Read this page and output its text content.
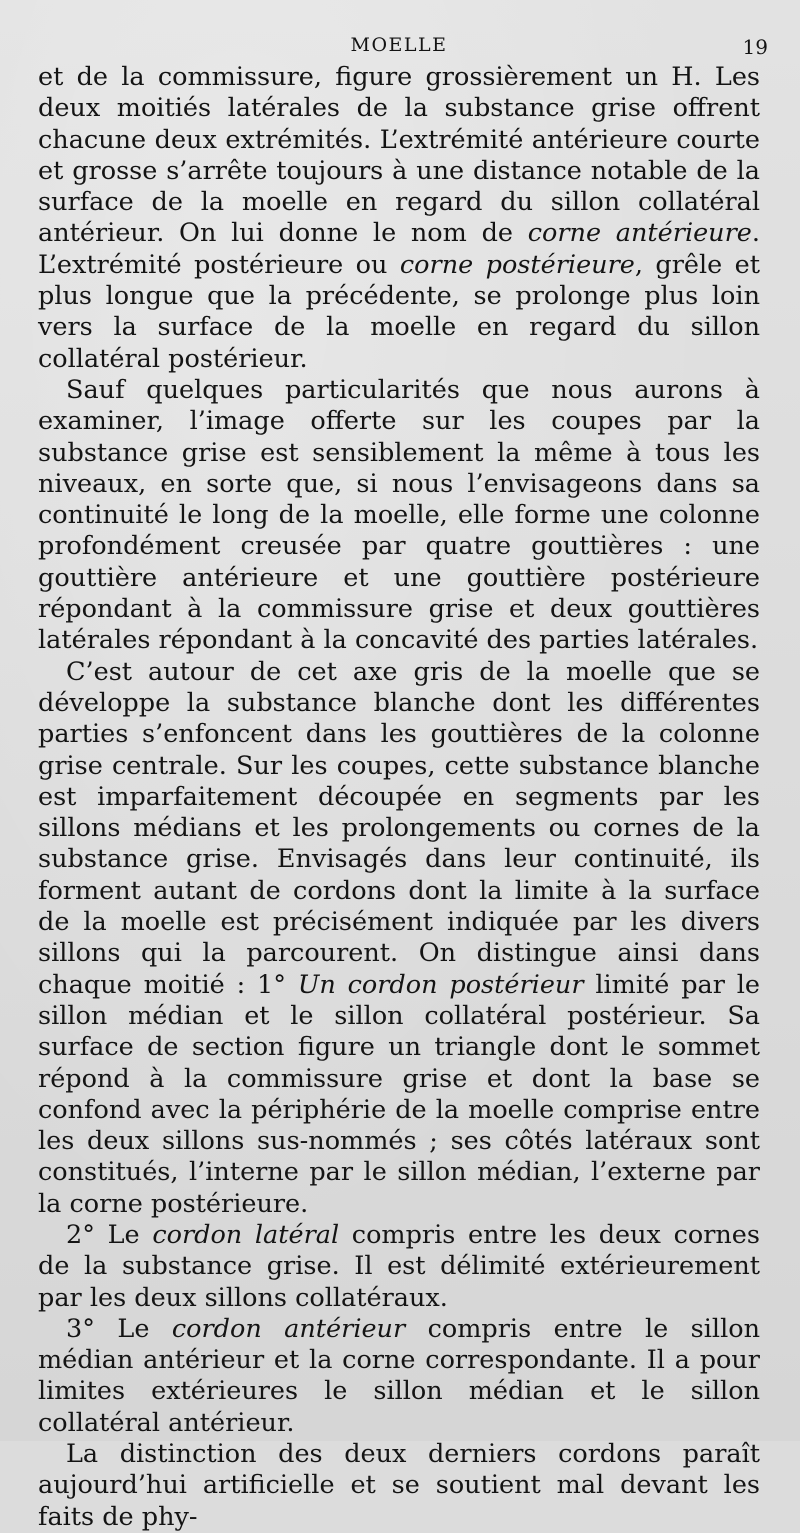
MOELLE	19

et de la commissure, figure grossièrement un H. Les deux moitiés latérales de la substance grise offrent chacune deux extrémités. L’extrémité antérieure courte et grosse s’arrête toujours à une distance notable de la surface de la moelle en regard du sillon collatéral antérieur. On lui donne le nom de corne antérieure. L’extrémité postérieure ou corne postérieure, grêle et plus longue que la précédente, se prolonge plus loin vers la surface de la moelle en regard du sillon collatéral postérieur.

Sauf quelques particularités que nous aurons à examiner, l’image offerte sur les coupes par la substance grise est sensiblement la même à tous les niveaux, en sorte que, si nous l’envisageons dans sa continuité le long de la moelle, elle forme une colonne profondément creusée par quatre gouttières : une gouttière antérieure et une gouttière postérieure répondant à la commissure grise et deux gouttières latérales répondant à la concavité des parties latérales.

C’est autour de cet axe gris de la moelle que se développe la substance blanche dont les différentes parties s’enfoncent dans les gouttières de la colonne grise centrale. Sur les coupes, cette substance blanche est imparfaitement découpée en segments par les sillons médians et les prolongements ou cornes de la substance grise. Envisagés dans leur continuité, ils forment autant de cordons dont la limite à la surface de la moelle est précisément indiquée par les divers sillons qui la parcourent. On distingue ainsi dans chaque moitié : 1° Un cordon postérieur limité par le sillon médian et le sillon collatéral postérieur. Sa surface de section figure un triangle dont le sommet répond à la commissure grise et dont la base se confond avec la périphérie de la moelle comprise entre les deux sillons sus-nommés ; ses côtés latéraux sont constitués, l’interne par le sillon médian, l’externe par la corne postérieure.

2° Le cordon latéral compris entre les deux cornes de la substance grise. Il est délimité extérieurement par les deux sillons collatéraux.

3° Le cordon antérieur compris entre le sillon médian antérieur et la corne correspondante. Il a pour limites extérieures le sillon médian et le sillon collatéral antérieur.

La distinction des deux derniers cordons paraît aujourd’hui artificielle et se soutient mal devant les faits de phy-
